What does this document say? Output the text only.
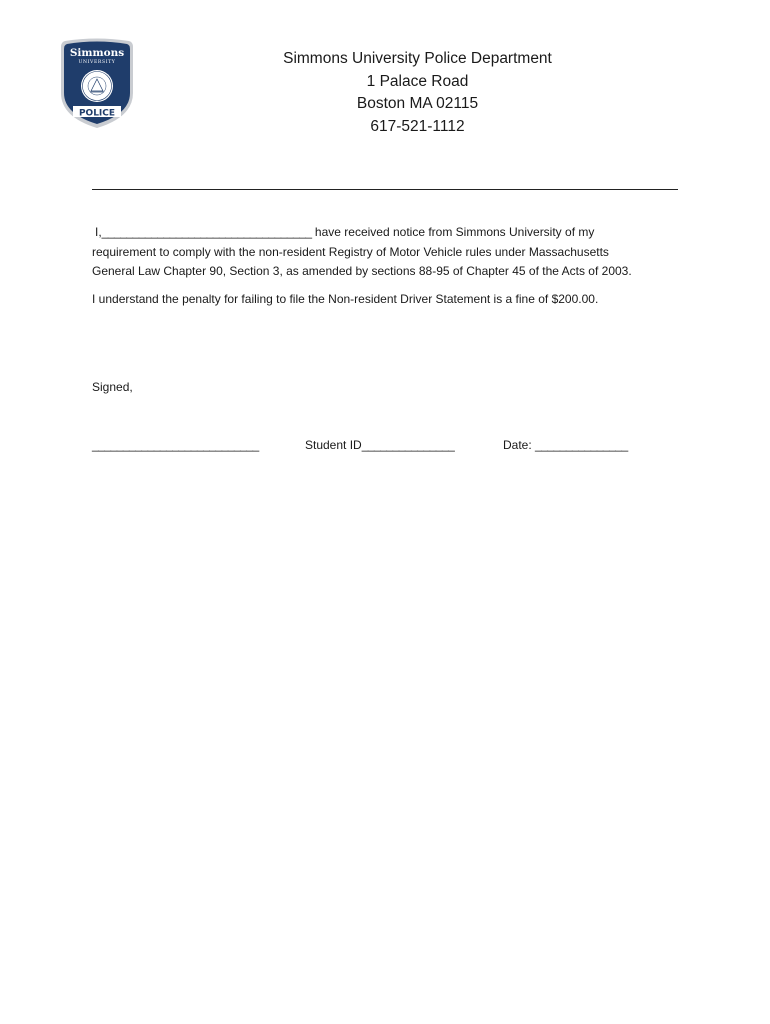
Simmons
UNIVERSITY
POLICE
Simmons University Police Department
1 Palace Road
Boston MA 02115
617-521-1112
I,__________________________________ have received notice from Simmons University of my
requirement to comply with the non-resident Registry of Motor Vehicle rules under Massachusetts
General Law Chapter 90, Section 3, as amended by sections 88-95 of Chapter 45 of the Acts of 2003.
I understand the penalty for failing to file the Non-resident Driver Statement is a fine of $200.00.
Signed,
___________________________	Student ID_______________	Date: _______________
